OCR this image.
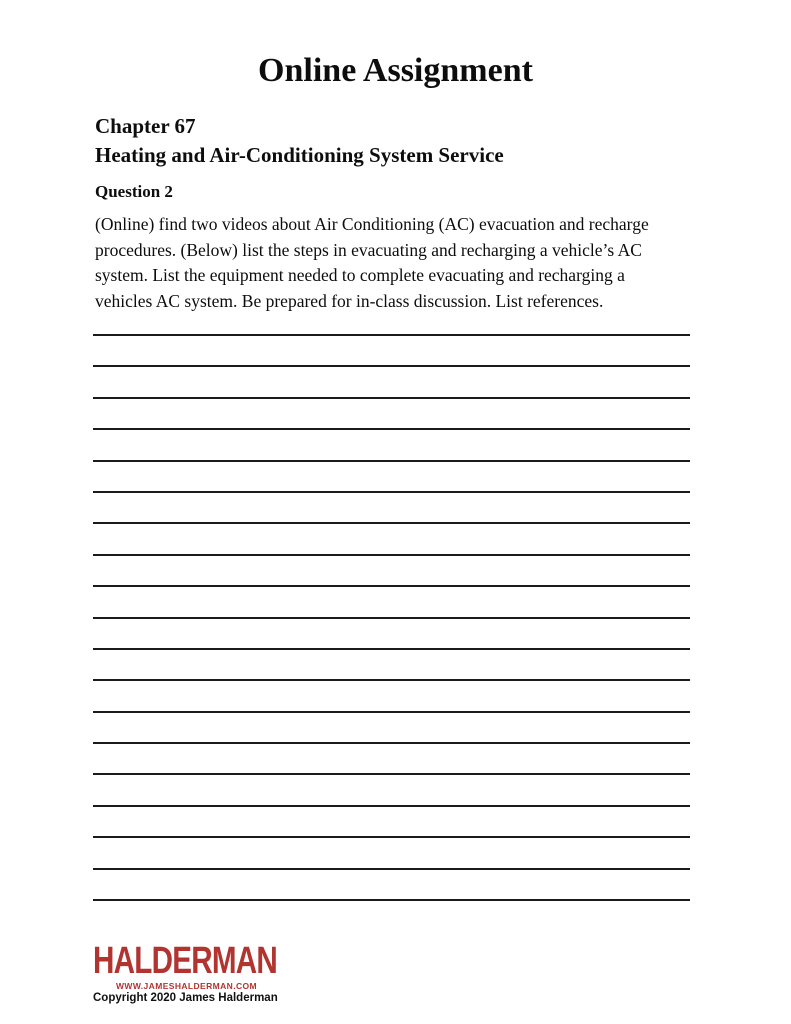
Online Assignment
Chapter 67
Heating and Air-Conditioning System Service
Question 2
(Online) find two videos about Air Conditioning (AC) evacuation and recharge
procedures. (Below) list the steps in evacuating and recharging a vehicle’s AC
system. List the equipment needed to complete evacuating and recharging a
vehicles AC system. Be prepared for in-class discussion. List references.
HALDERMAN
WWW.JAMESHALDERMAN.COM
Copyright 2020 James Halderman
